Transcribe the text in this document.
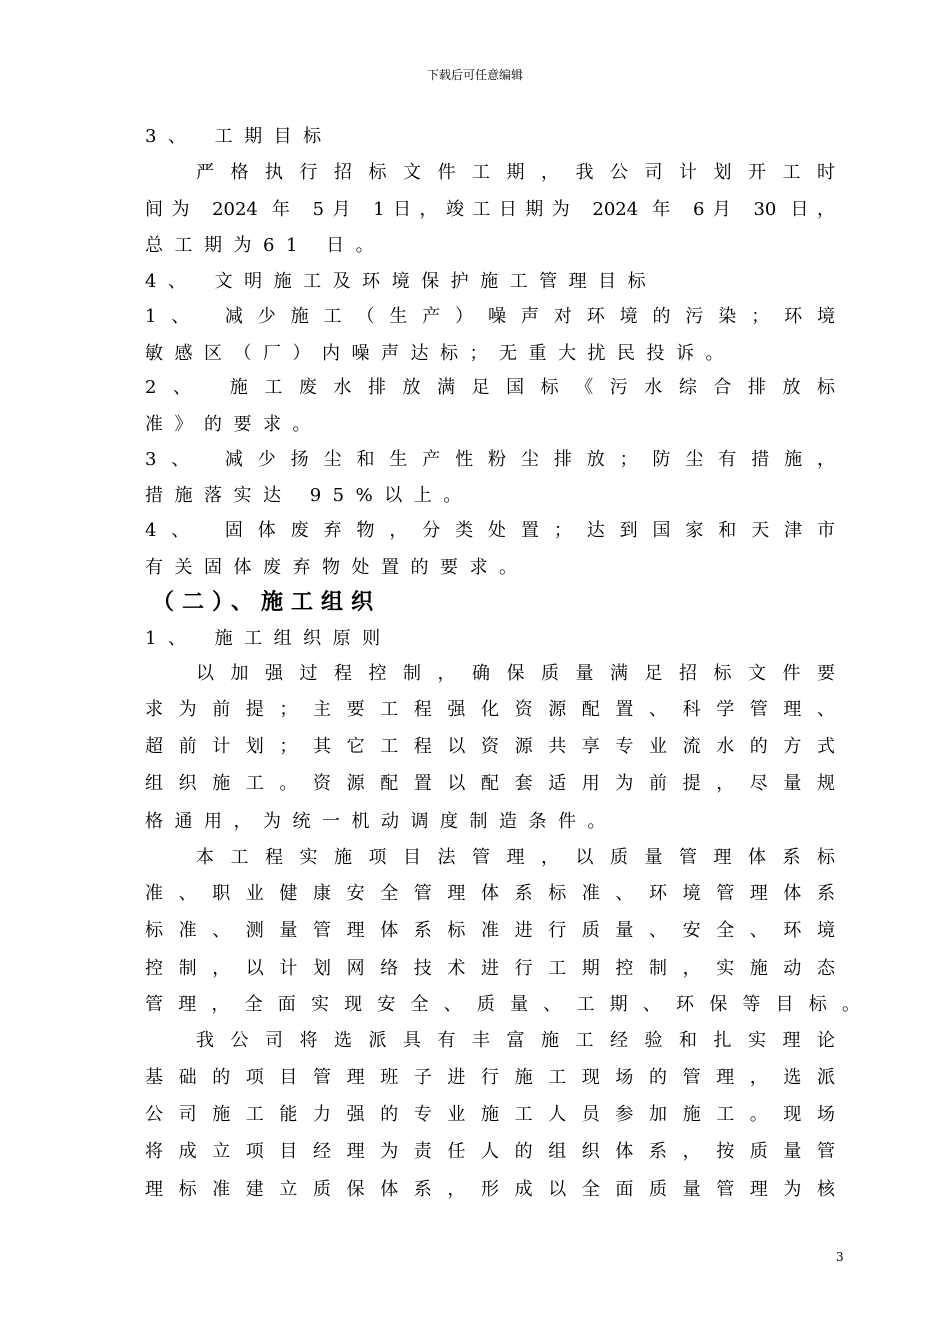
下载后可任意编辑
3、 工期目标
严格执行招标文件工期，我公司计划开工时
间为 2024 年 5月 1日，竣工日期为 2024 年 6月 30 日，
总工期为61 日。
4、 文明施工及环境保护施工管理目标
1、 减少施工（生产）噪声对环境的污染；环境
敏感区（厂）内噪声达标；无重大扰民投诉。
2、 施工废水排放满足国标《污水综合排放标
准》的要求。
3、 减少扬尘和生产性粉尘排放；防尘有措施，
措施落实达 95%以上。
4、 固体废弃物，分类处置；达到国家和天津市
有关固体废弃物处置的要求。
（二）、施工组织
1、 施工组织原则
以加强过程控制，确保质量满足招标文件要
求为前提；主要工程强化资源配置、科学管理、
超前计划；其它工程以资源共享专业流水的方式
组织施工。资源配置以配套适用为前提，尽量规
格通用，为统一机动调度制造条件。
本工程实施项目法管理，以质量管理体系标
准、职业健康安全管理体系标准、环境管理体系
标准、测量管理体系标准进行质量、安全、环境
控制，以计划网络技术进行工期控制，实施动态
管理，全面实现安全、质量、工期、环保等目标。
我公司将选派具有丰富施工经验和扎实理论
基础的项目管理班子进行施工现场的管理，选派
公司施工能力强的专业施工人员参加施工。现场
将成立项目经理为责任人的组织体系，按质量管
理标准建立质保体系，形成以全面质量管理为核
3
